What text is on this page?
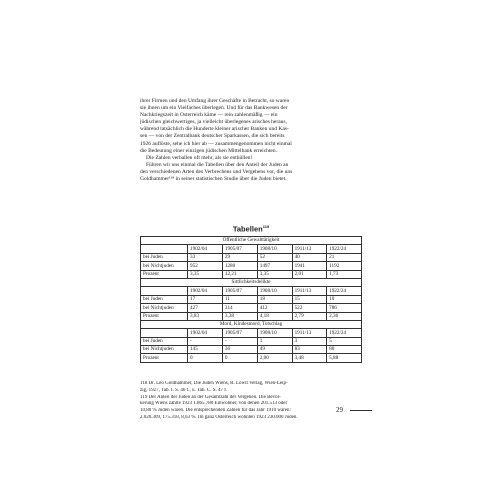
ihrer Firmen und den Umfang ihrer Geschäfte in Betracht, so waren
sie ihnen um ein Vielfaches überlegen. Und für das Bankwesen der
Nachkriegszeit in Österreich käme — rein zahlenmäßig — ein
jüdischen gleichwertiges, ja vielleicht überlegenes arisches heraus,
während tatsächlich die Hunderte kleiner arischer Banken und Kas-
sen — von der Zentralbank deutscher Sparkassen, die sich bereits
1926 auflöste, sehe ich hier ab — zusammengenommen nicht einmal
die Bedeutung einer einzigen jüdischen Mittelbank erreichten.
Die Zahlen verhallen oft mehr, als sie enthüllen!
Führen wir uns einmal die Tabellen über den Anteil der Juden an
den verschiedenen Arten des Verbrechens und Vergehens vor, die uns
Goldhammer¹¹⁸ in seiner statistischen Studie über die Juden bietet.
Tabellen$^{119}$
Öffentliche Gewalttätigkeit					
	1902/04	1905/07	1908/10	1911/13	1922/24
bei Juden	33	29	52	40	21
bei Nichtjuden	952	1280	1497	1941	1192
Prozent	3,35	12,21	3,35	2,01	1,73
Sittlichkeitsdelikte					
	1902/04	1905/07	1908/10	1911/13	1922/24
bei Juden	17	11	18	15	10
bei Nichtjuden	427	314	412	522	786
Prozent	3,83	3,38	4,18	2,79	2,36
Mord, Kindesmord, Totschlag					
	1902/04	1905/07	1908/10	1911/13	1922/24
bei Juden	-	-	1	3	5
bei Nichtjuden	145	36	49	83	80
Prozent	0	0	2,00	3,48	5,88
118 Dr. Leo Goldhammer, Die Juden Wiens, R. Löwit Verlag, Wien-Leip-
zig, 1927, Tab. I. S. 46 f., u. Tab. C. S. 47 f.
119 Der Anteil der Juden an der Gesamtzahl der Vergehen. Die Bevöl-
kerung Wiens zählte 1923 1.865.780 Einwohner, von denen 201.513 oder
10,80 % Juden waren. Die entsprechenden Zahlen für das Jahr 1910 waren:
2.020.309, 175.318, 8,63 %. Im ganz Österreich wohnten 1923 230.000 Juden.
29
